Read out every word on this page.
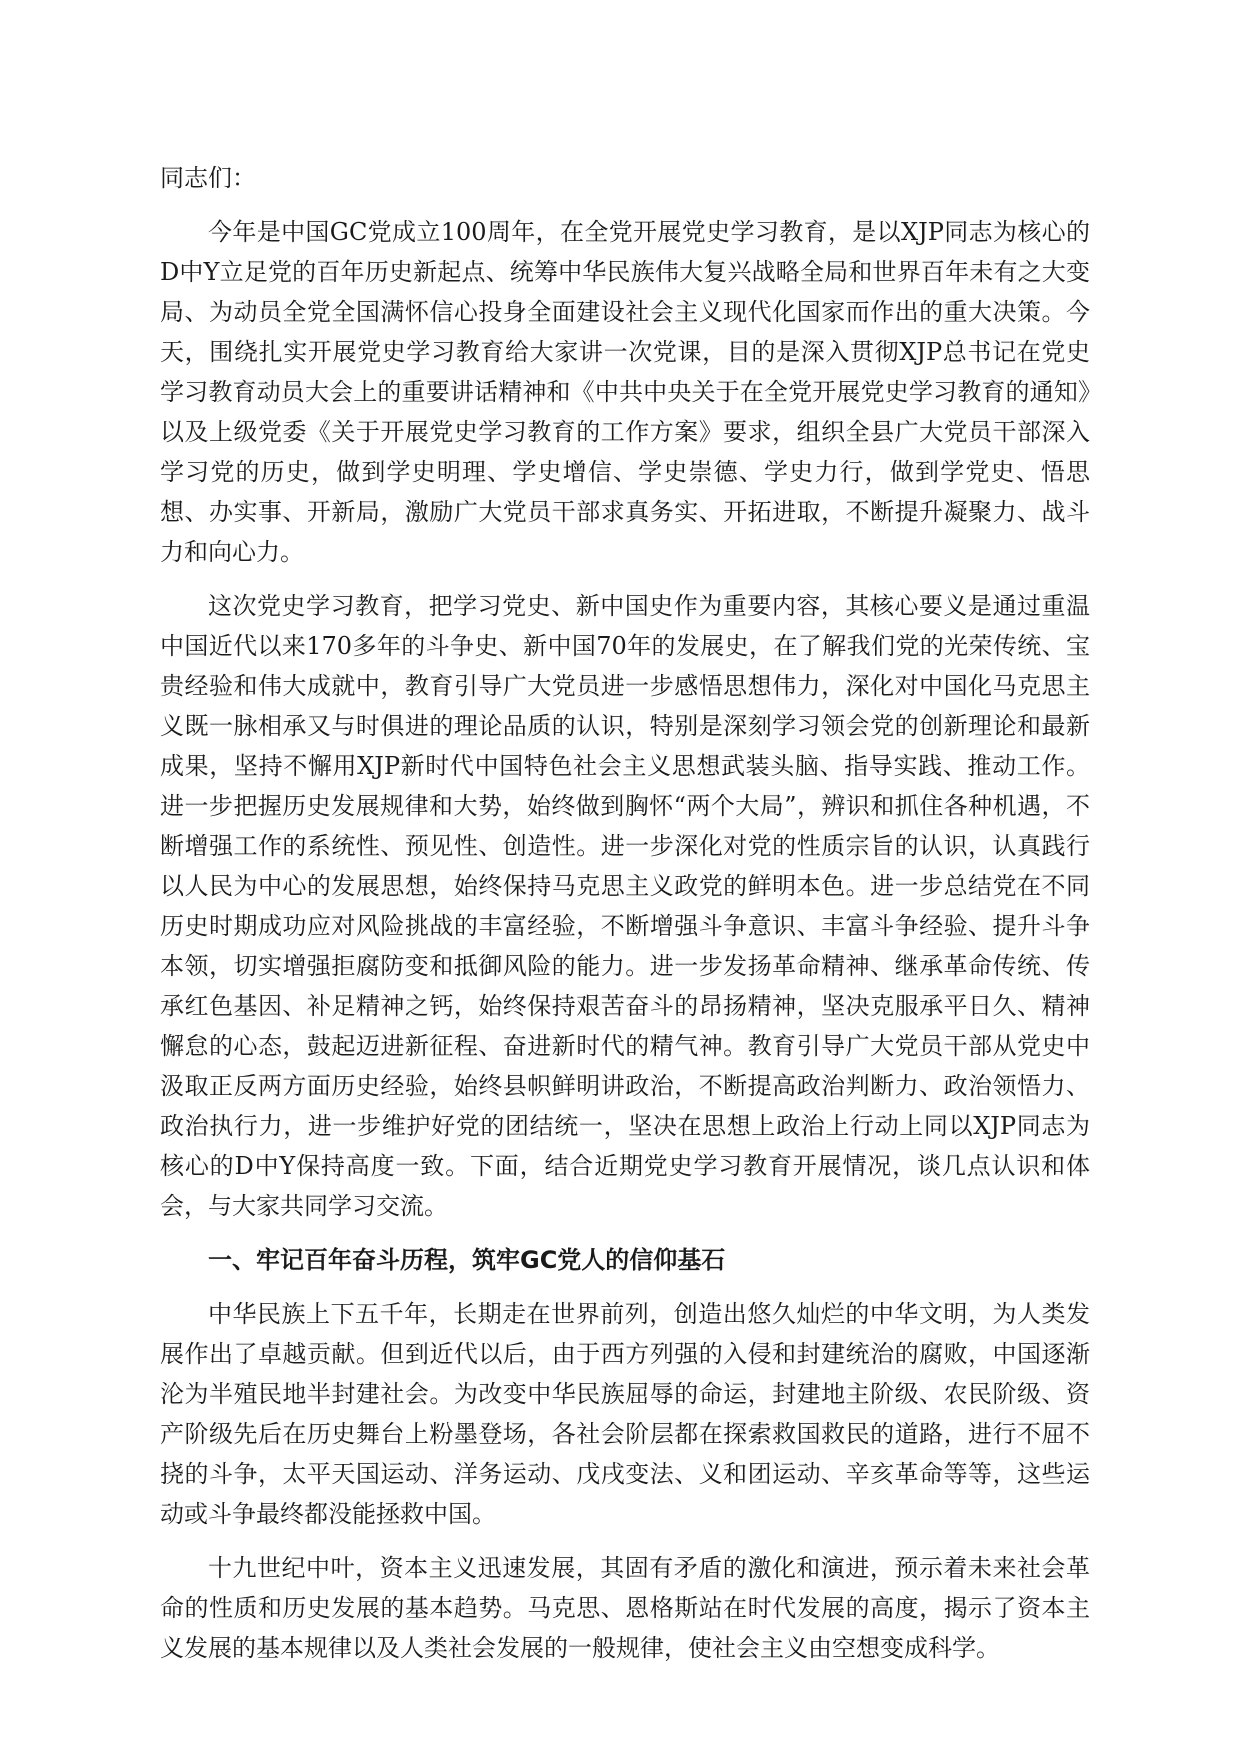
同志们：

今年是中国GC党成立100周年，在全党开展党史学习教育，是以XJP同志为核心的D中Y立足党的百年历史新起点、统筹中华民族伟大复兴战略全局和世界百年未有之大变局、为动员全党全国满怀信心投身全面建设社会主义现代化国家而作出的重大决策。今天，围绕扎实开展党史学习教育给大家讲一次党课，目的是深入贯彻XJP总书记在党史学习教育动员大会上的重要讲话精神和《中共中央关于在全党开展党史学习教育的通知》以及上级党委《关于开展党史学习教育的工作方案》要求，组织全县广大党员干部深入学习党的历史，做到学史明理、学史增信、学史崇德、学史力行，做到学党史、悟思想、办实事、开新局，激励广大党员干部求真务实、开拓进取，不断提升凝聚力、战斗力和向心力。

这次党史学习教育，把学习党史、新中国史作为重要内容，其核心要义是通过重温中国近代以来170多年的斗争史、新中国70年的发展史，在了解我们党的光荣传统、宝贵经验和伟大成就中，教育引导广大党员进一步感悟思想伟力，深化对中国化马克思主义既一脉相承又与时俱进的理论品质的认识，特别是深刻学习领会党的创新理论和最新成果，坚持不懈用XJP新时代中国特色社会主义思想武装头脑、指导实践、推动工作。进一步把握历史发展规律和大势，始终做到胸怀“两个大局”，辨识和抓住各种机遇，不断增强工作的系统性、预见性、创造性。进一步深化对党的性质宗旨的认识，认真践行以人民为中心的发展思想，始终保持马克思主义政党的鲜明本色。进一步总结党在不同历史时期成功应对风险挑战的丰富经验，不断增强斗争意识、丰富斗争经验、提升斗争本领，切实增强拒腐防变和抵御风险的能力。进一步发扬革命精神、继承革命传统、传承红色基因、补足精神之钙，始终保持艰苦奋斗的昂扬精神，坚决克服承平日久、精神懈怠的心态，鼓起迈进新征程、奋进新时代的精气神。教育引导广大党员干部从党史中汲取正反两方面历史经验，始终县帜鲜明讲政治，不断提高政治判断力、政治领悟力、政治执行力，进一步维护好党的团结统一，坚决在思想上政治上行动上同以XJP同志为核心的D中Y保持高度一致。下面，结合近期党史学习教育开展情况，谈几点认识和体会，与大家共同学习交流。

一、牢记百年奋斗历程，筑牢GC党人的信仰基石

中华民族上下五千年，长期走在世界前列，创造出悠久灿烂的中华文明，为人类发展作出了卓越贡献。但到近代以后，由于西方列强的入侵和封建统治的腐败，中国逐渐沦为半殖民地半封建社会。为改变中华民族屈辱的命运，封建地主阶级、农民阶级、资产阶级先后在历史舞台上粉墨登场，各社会阶层都在探索救国救民的道路，进行不屈不挠的斗争，太平天国运动、洋务运动、戊戌变法、义和团运动、辛亥革命等等，这些运动或斗争最终都没能拯救中国。

十九世纪中叶，资本主义迅速发展，其固有矛盾的激化和演进，预示着未来社会革命的性质和历史发展的基本趋势。马克思、恩格斯站在时代发展的高度，揭示了资本主义发展的基本规律以及人类社会发展的一般规律，使社会主义由空想变成科学。
